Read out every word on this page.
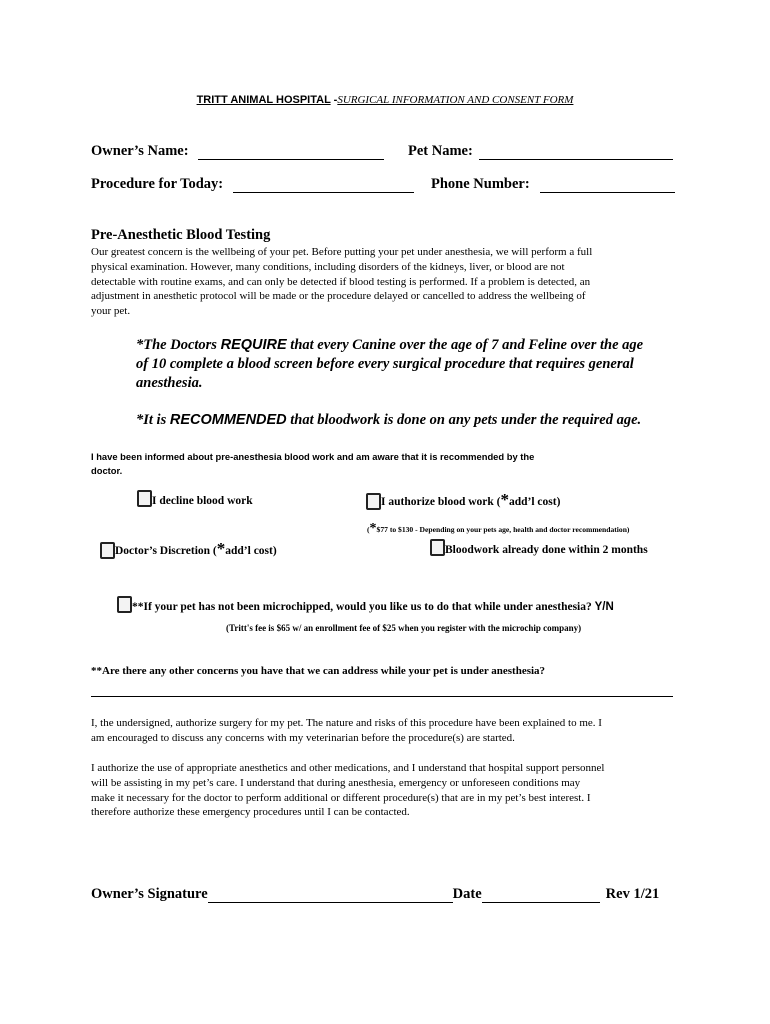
TRITT ANIMAL HOSPITAL -SURGICAL INFORMATION AND CONSENT FORM
Owner’s Name:	Pet Name:
Procedure for Today:	Phone Number:
Pre-Anesthetic Blood Testing
Our greatest concern is the wellbeing of your pet. Before putting your pet under anesthesia, we will perform a full
physical examination. However, many conditions, including disorders of the kidneys, liver, or blood are not
detectable with routine exams, and can only be detected if blood testing is performed. If a problem is detected, an
adjustment in anesthetic protocol will be made or the procedure delayed or cancelled to address the wellbeing of
your pet.
*The Doctors REQUIRE that every Canine over the age of 7 and Feline over the age
of 10 complete a blood screen before every surgical procedure that requires general
anesthesia.
*It is RECOMMENDED that bloodwork is done on any pets under the required age.
I have been informed about pre-anesthesia blood work and am aware that it is recommended by the
doctor.
I decline blood work	I authorize blood work (*add’l cost)
(*$77 to $130 - Depending on your pets age, health and doctor recommendation)
Doctor’s Discretion (*add’l cost)	Bloodwork already done within 2 months
**If your pet has not been microchipped, would you like us to do that while under anesthesia? Y/N
(Tritt's fee is $65 w/ an enrollment fee of $25 when you register with the microchip company)
**Are there any other concerns you have that we can address while your pet is under anesthesia?
I, the undersigned, authorize surgery for my pet. The nature and risks of this procedure have been explained to me. I
am encouraged to discuss any concerns with my veterinarian before the procedure(s) are started.
I authorize the use of appropriate anesthetics and other medications, and I understand that hospital support personnel
will be assisting in my pet’s care. I understand that during anesthesia, emergency or unforeseen conditions may
make it necessary for the doctor to perform additional or different procedure(s) that are in my pet’s best interest. I
therefore authorize these emergency procedures until I can be contacted.
Owner’s Signature	Date	Rev 1/21
